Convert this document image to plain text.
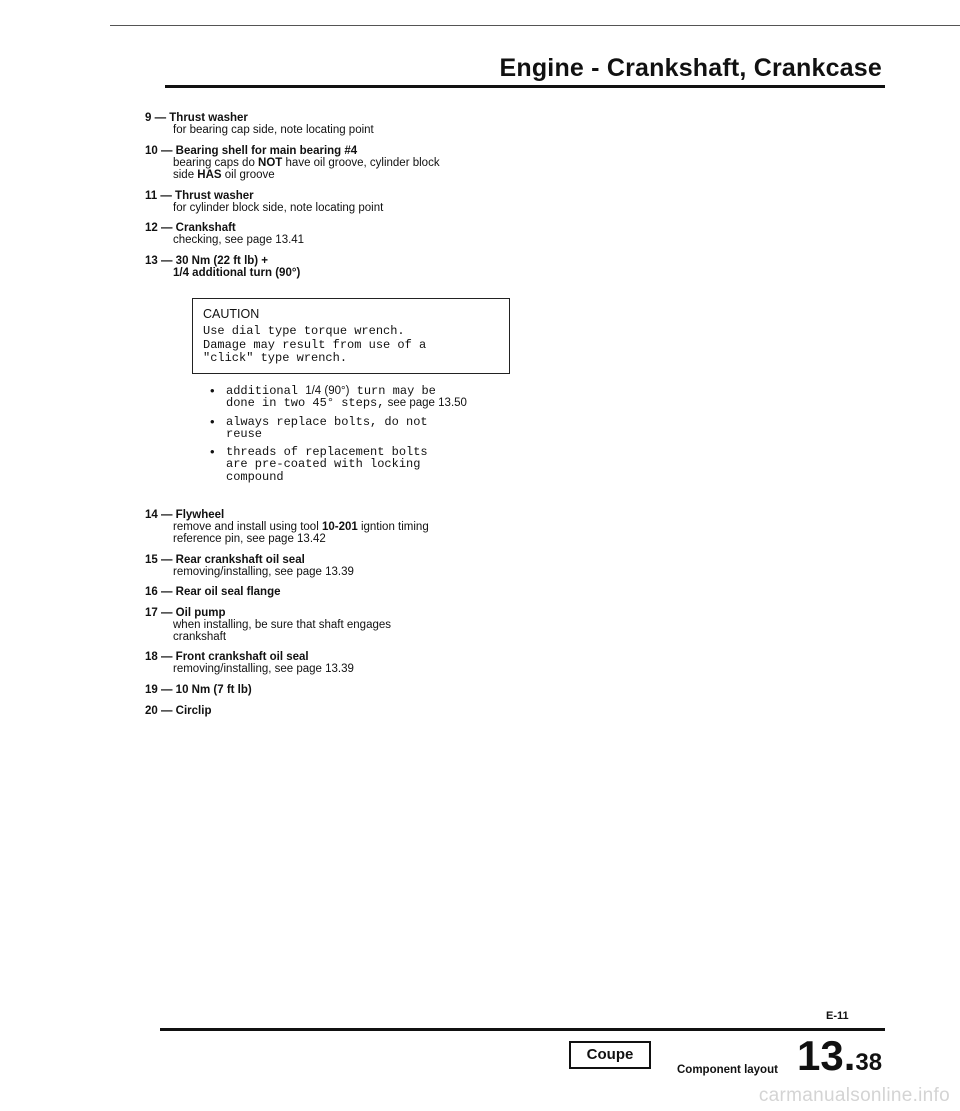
Engine - Crankshaft, Crankcase
9 — Thrust washer
for bearing cap side, note locating point
10 — Bearing shell for main bearing #4
bearing caps do NOT have oil groove, cylinder block
side HAS oil groove
11 — Thrust washer
for cylinder block side, note locating point
12 — Crankshaft
checking, see page 13.41
13 — 30 Nm (22 ft lb) +
1/4 additional turn (90°)
CAUTION
Use dial type torque wrench.
Damage may result from use of a
"click" type wrench.
• additional 1/4 (90°) turn may be
done in two 45° steps, see page 13.50
• always replace bolts, do not
reuse
• threads of replacement bolts
are pre-coated with locking
compound
14 — Flywheel
remove and install using tool 10-201 igntion timing
reference pin, see page 13.42
15 — Rear crankshaft oil seal
removing/installing, see page 13.39
16 — Rear oil seal flange
17 — Oil pump
when installing, be sure that shaft engages
crankshaft
18 — Front crankshaft oil seal
removing/installing, see page 13.39
19 — 10 Nm (7 ft lb)
20 — Circlip
E-11
Coupe
Component layout 13.38
carmanualsonline.info
